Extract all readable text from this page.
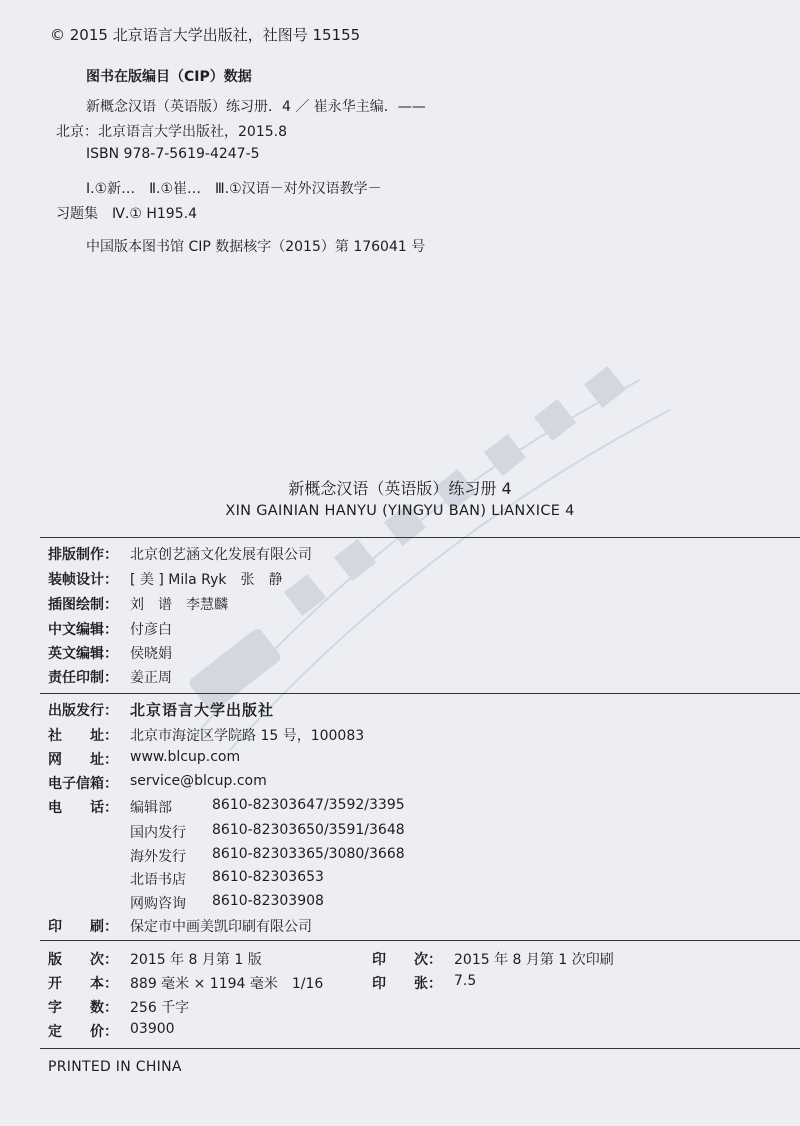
© 2015 北京语言大学出版社，社图号 15155
图书在版编目（CIP）数据
新概念汉语（英语版）练习册．4 ／ 崔永华主编．——
北京：北京语言大学出版社，2015.8
ISBN 978-7-5619-4247-5
Ⅰ.①新…　Ⅱ.①崔…　Ⅲ.①汉语－对外汉语教学－
习题集　Ⅳ.① H195.4
中国版本图书馆 CIP 数据核字（2015）第 176041 号
新概念汉语（英语版）练习册 4
XIN GAINIAN HANYU (YINGYU BAN) LIANXICE 4
排版制作： 北京创艺涵文化发展有限公司
装帧设计： [ 美 ] Mila Ryk　张　静
插图绘制： 刘　谱　李慧麟
中文编辑： 付彦白
英文编辑： 侯晓娟
责任印制： 姜正周
出版发行： 北京语言大学出版社
社　　址： 北京市海淀区学院路 15 号，100083
网　　址： www.blcup.com
电子信箱： service@blcup.com
电　　话： 编辑部	8610-82303647/3592/3395
国内发行 8610-82303650/3591/3648
海外发行 8610-82303365/3080/3668
北语书店 8610-82303653
网购咨询 8610-82303908
印　　刷： 保定市中画美凯印刷有限公司
版　　次： 2015 年 8 月第 1 版	印　　次： 2015 年 8 月第 1 次印刷
开　　本： 889 毫米 × 1194 毫米　1/16	印　　张： 7.5
字　　数： 256 千字
定　　价： 03900
PRINTED IN CHINA
